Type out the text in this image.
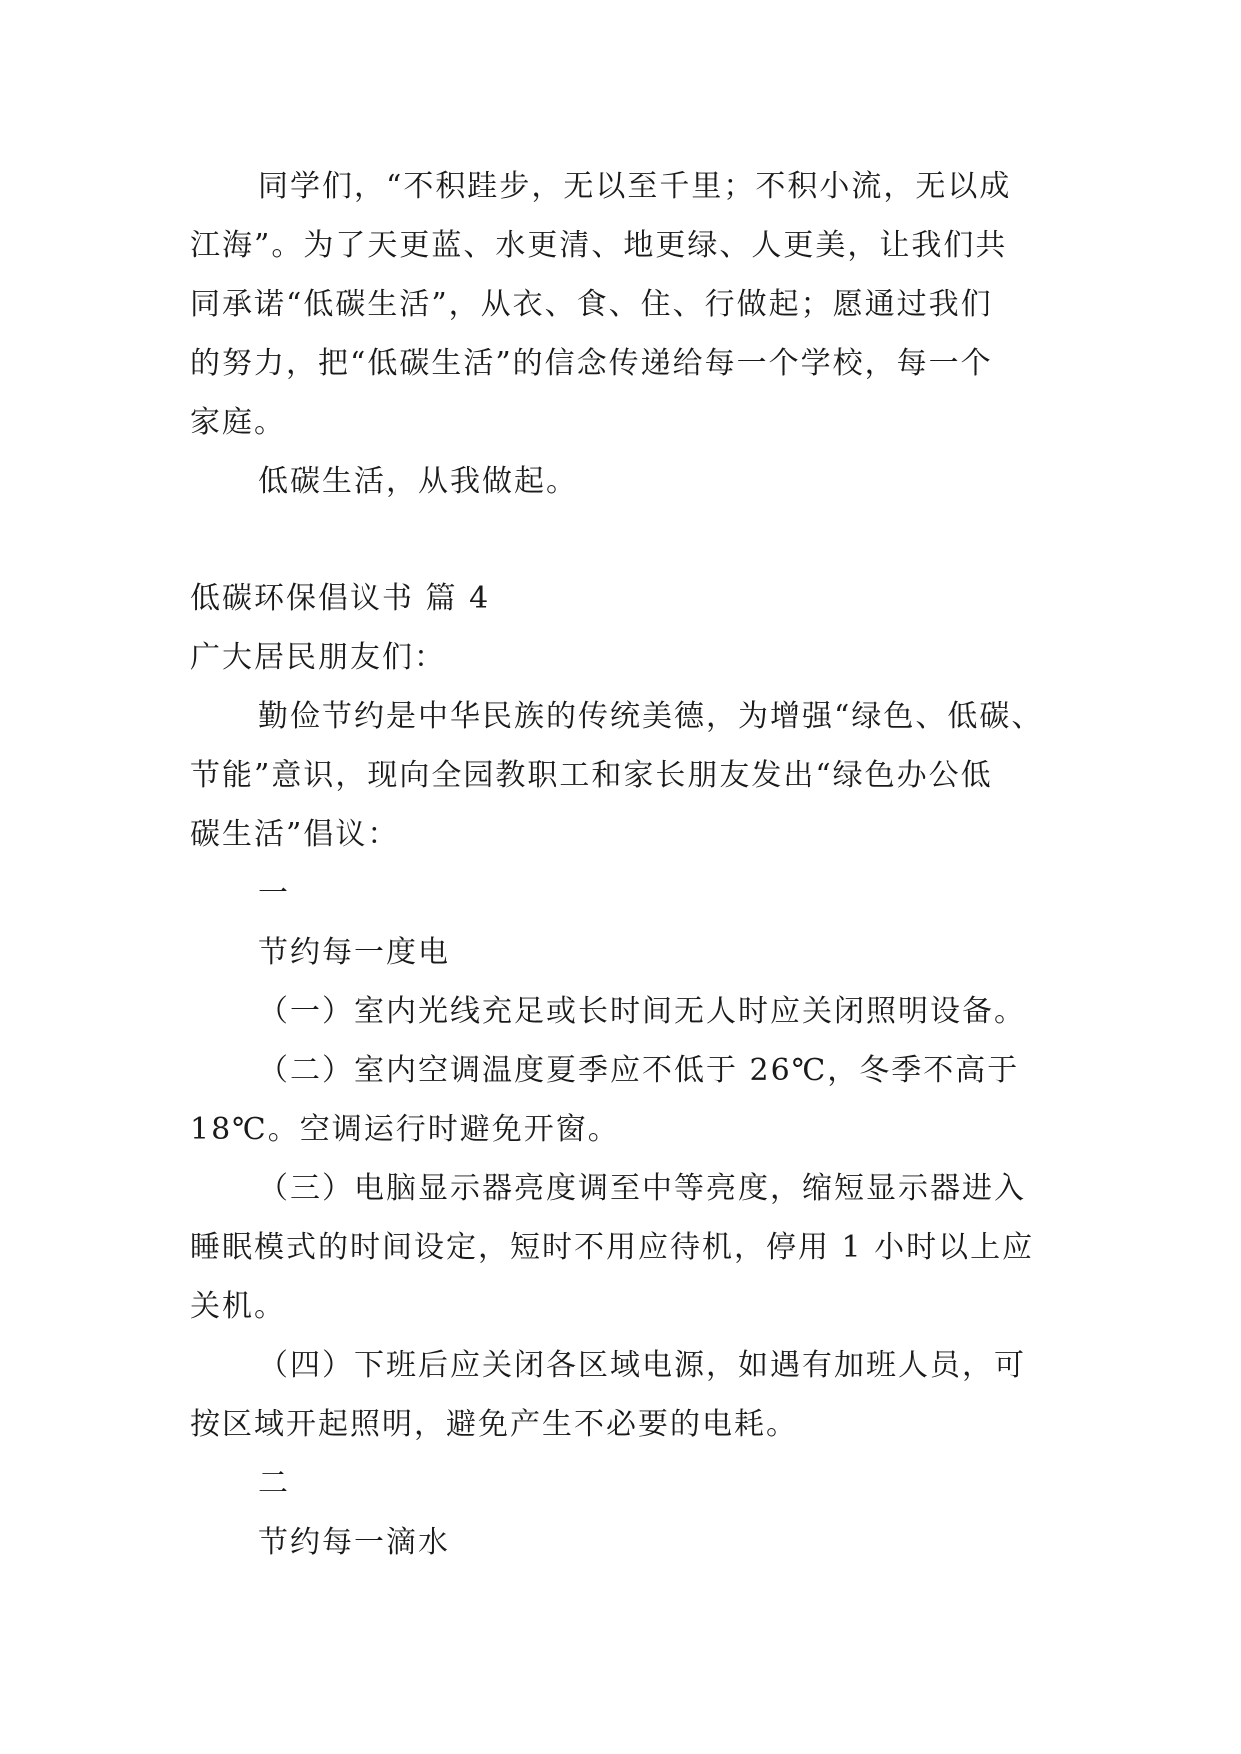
同学们，“不积跬步，无以至千里；不积小流，无以成
江海”。为了天更蓝、水更清、地更绿、人更美，让我们共
同承诺“低碳生活”，从衣、食、住、行做起；愿通过我们
的努力，把“低碳生活”的信念传递给每一个学校，每一个
家庭。
低碳生活，从我做起。
低碳环保倡议书 篇 4
广大居民朋友们：
勤俭节约是中华民族的传统美德，为增强“绿色、低碳、
节能”意识，现向全园教职工和家长朋友发出“绿色办公低
碳生活”倡议：
一
节约每一度电
（一）室内光线充足或长时间无人时应关闭照明设备。
（二）室内空调温度夏季应不低于 26℃，冬季不高于
18℃。空调运行时避免开窗。
（三）电脑显示器亮度调至中等亮度，缩短显示器进入
睡眠模式的时间设定，短时不用应待机，停用 1 小时以上应
关机。
（四）下班后应关闭各区域电源，如遇有加班人员，可
按区域开起照明，避免产生不必要的电耗。
二
节约每一滴水
